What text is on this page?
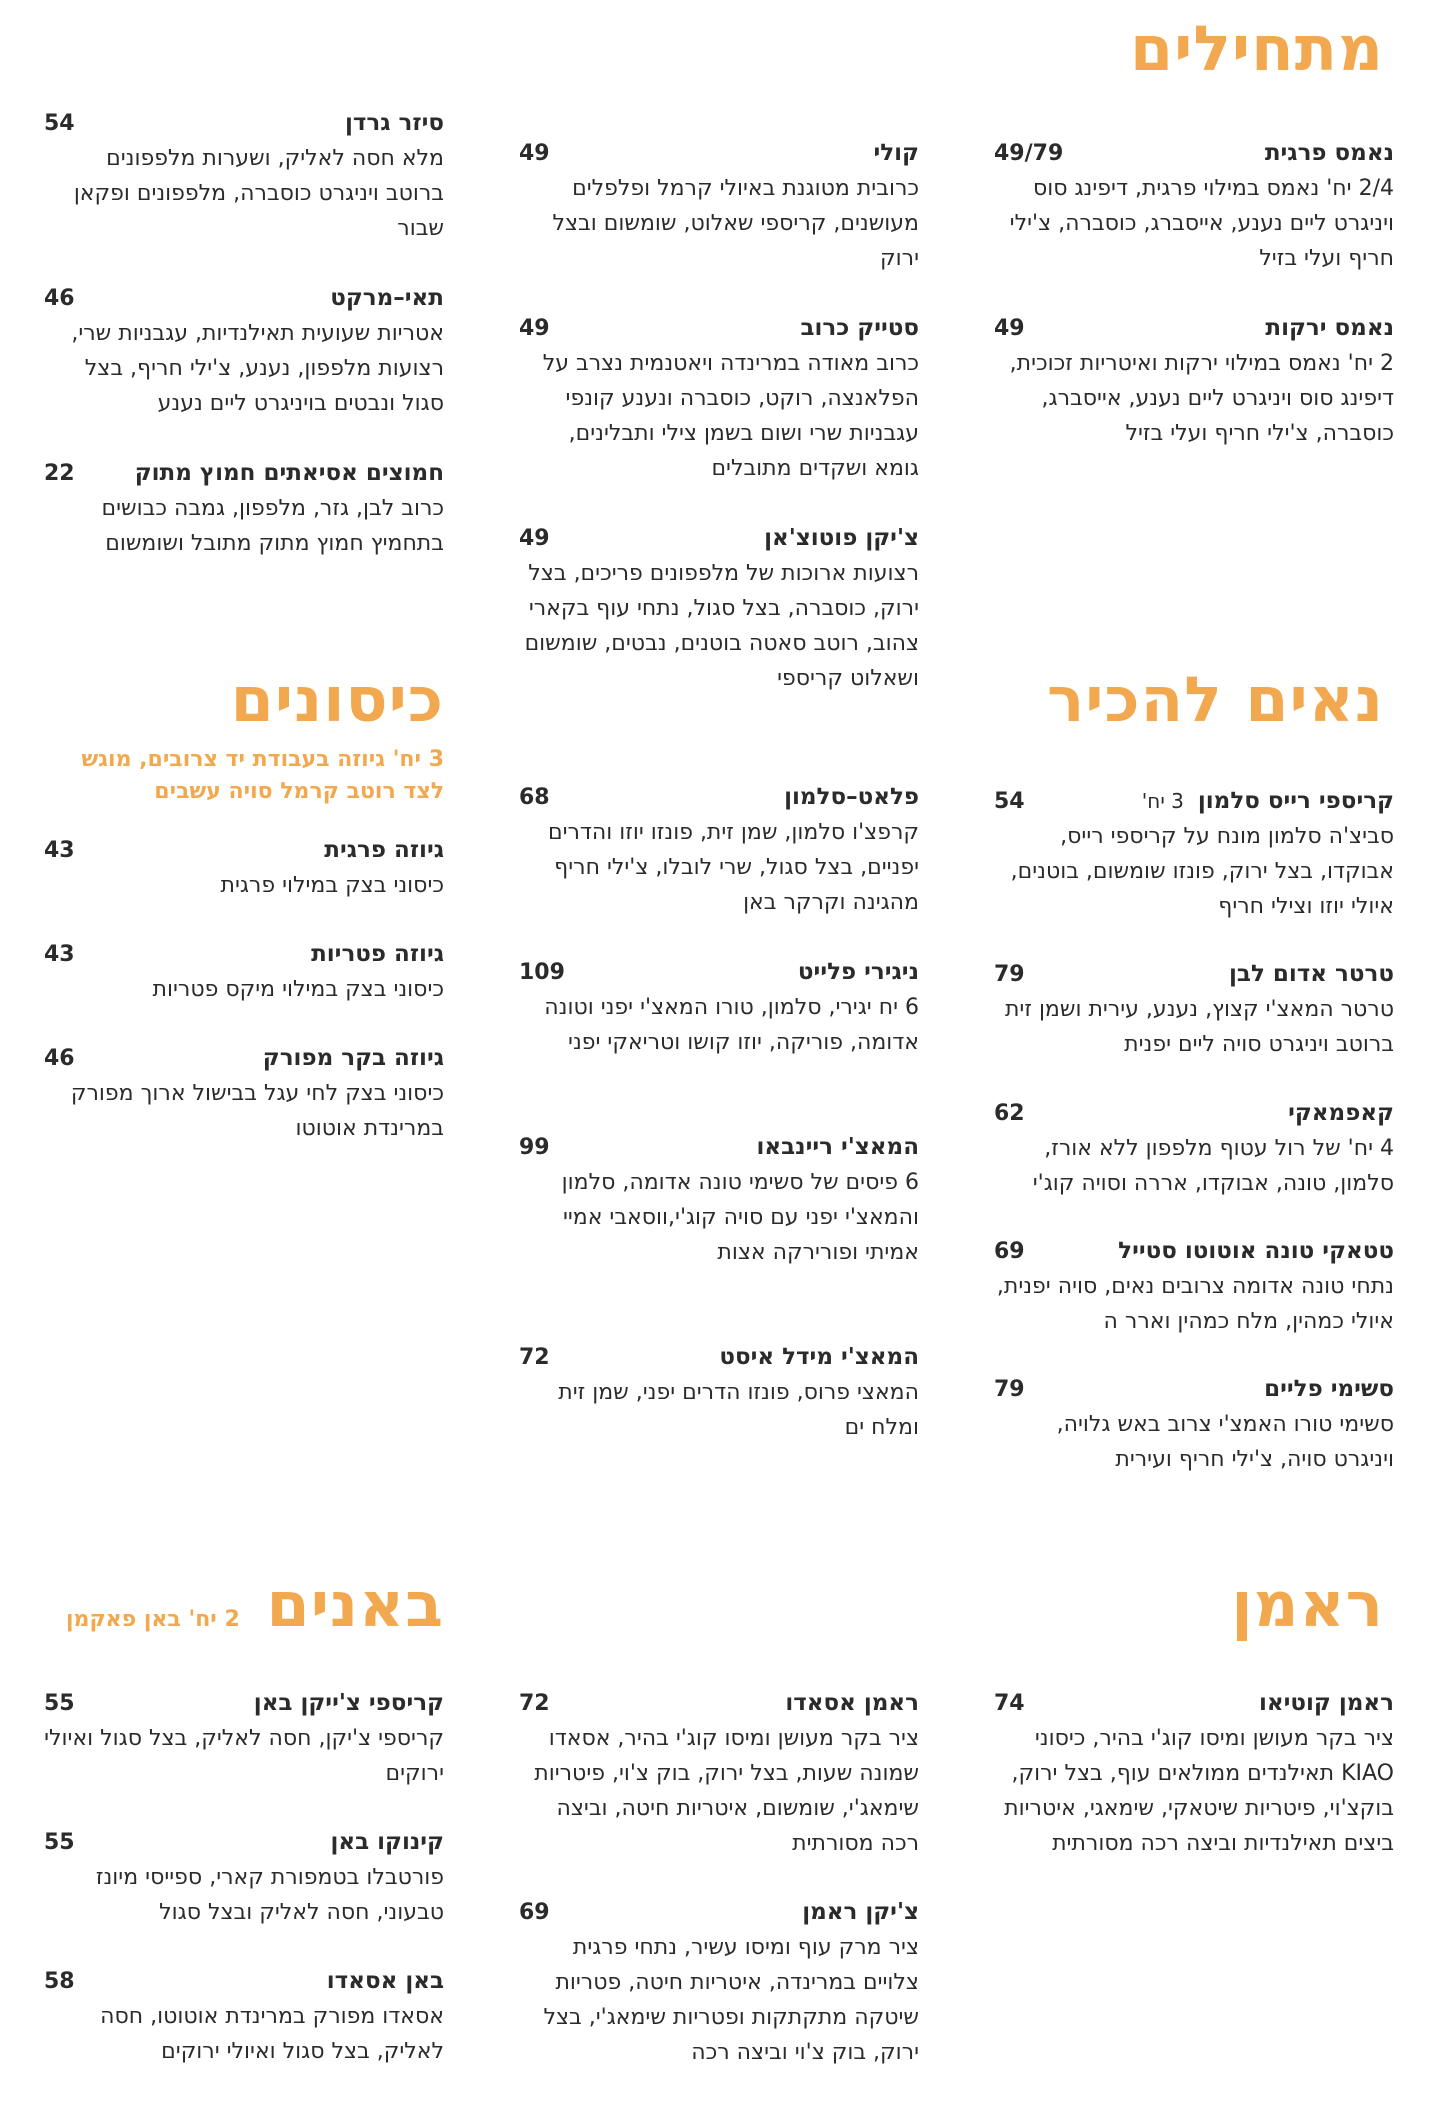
מתחילים
נאמס פרגית
49/79
2/4 יח' נאמס במילוי פרגית, דיפינג סוס ויניגרט ליים נענע, אייסברג, כוסברה, צ'ילי חריף ועלי בזיל
נאמס ירקות
49
2 יח' נאמס במילוי ירקות ואיטריות זכוכית, דיפינג סוס ויניגרט ליים נענע, אייסברג, כוסברה, צ'ילי חריף ועלי בזיל
קולי
49
כרובית מטוגנת באיולי קרמל ופלפלים מעושנים, קריספי שאלוט, שומשום ובצל ירוק
סטייק כרוב
49
כרוב מאודה במרינדה ויאטנמית נצרב על הפלאנצה, רוקט, כוסברה ונענע קונפי עגבניות שרי ושום בשמן צילי ותבלינים, גומא ושקדים מתובלים
צ'יקן פוטוצ'אן
49
רצועות ארוכות של מלפפונים פריכים, בצל ירוק, כוסברה, בצל סגול, נתחי עוף בקארי צהוב, רוטב סאטה בוטנים, נבטים, שומשום ושאלוט קריספי
סיזר גרדן
54
מלא חסה לאליק, ושערות מלפפונים ברוטב ויניגרט כוסברה, מלפפונים ופקאן שבור
תאי–מרקט
46
אטריות שעועית תאילנדיות, עגבניות שרי, רצועות מלפפון, נענע, צ'ילי חריף, בצל סגול ונבטים בויניגרט ליים נענע
חמוצים אסיאתים חמוץ מתוק
22
כרוב לבן, גזר, מלפפון, גמבה כבושים בתחמיץ חמוץ מתוק מתובל ושומשום
נאים להכיר
קריספי רייס סלמון3 יח'
54
סביצ'ה סלמון מונח על קריספי רייס, אבוקדו, בצל ירוק, פונזו שומשום, בוטנים, איולי יוזו וצילי חריף
טרטר אדום לבן
79
טרטר המאצ'י קצוץ, נענע, עירית ושמן זית ברוטב ויניגרט סויה ליים יפנית
קאפמאקי
62
4 יח' של רול עטוף מלפפון ללא אורז, סלמון, טונה, אבוקדו, אררה וסויה קוג'י
טטאקי טונה אוטוטו סטייל
69
נתחי טונה אדומה צרובים נאים, סויה יפנית, איולי כמהין, מלח כמהין וארר ה
סשימי פליים
79
סשימי טורו האמצ'י צרוב באש גלויה, ויניגרט סויה, צ'ילי חריף ועירית
פלאט–סלמון
68
קרפצ'ו סלמון, שמן זית, פונזו יוזו והדרים יפניים, בצל סגול, שרי לובלו, צ'ילי חריף מהגינה וקרקר באן
ניגירי פלייט
109
6 יח יגירי, סלמון, טורו המאצ'י יפני וטונה אדומה, פוריקה, יוזו קושו וטריאקי יפני
המאצ'י ריינבאו
99
6 פיסים של סשימי טונה אדומה, סלמון והמאצ'י יפני עם סויה קוג'י,ווסאבי אמיי אמיתי ופורירקה אצות
המאצ'י מידל איסט
72
המאצי פרוס, פונזו הדרים יפני, שמן זית ומלח ים
כיסונים
3 יח' גיוזה בעבודת יד צרובים, מוגש לצד רוטב קרמל סויה עשבים
גיוזה פרגית
43
כיסוני בצק במילוי פרגית
גיוזה פטריות
43
כיסוני בצק במילוי מיקס פטריות
גיוזה בקר מפורק
46
כיסוני בצק לחי עגל בבישול ארוך מפורק במרינדת אוטוטו
ראמן
ראמן קוטיאו
74
ציר בקר מעושן ומיסו קוג'י בהיר, כיסוני KIAO תאילנדים ממולאים עוף, בצל ירוק, בוקצ'וי, פיטריות שיטאקי, שימאגי, איטריות ביצים תאילנדיות וביצה רכה מסורתית
ראמן אסאדו
72
ציר בקר מעושן ומיסו קוג'י בהיר, אסאדו שמונה שעות, בצל ירוק, בוק צ'וי, פיטריות שימאג'י, שומשום, איטריות חיטה, וביצה רכה מסורתית
צ'יקן ראמן
69
ציר מרק עוף ומיסו עשיר, נתחי פרגית צלויים במרינדה, איטריות חיטה, פטריות שיטקה מתקתקות ופטריות שימאג'י, בצל ירוק, בוק צ'וי וביצה רכה
באנים
2 יח' באן פאקמן
קריספי צ'ייקן באן
55
קריספי צ'יקן, חסה לאליק, בצל סגול ואיולי ירוקים
קינוקו באן
55
פורטבלו בטמפורת קארי, ספייסי מיונז טבעוני, חסה לאליק ובצל סגול
באן אסאדו
58
אסאדו מפורק במרינדת אוטוטו, חסה לאליק, בצל סגול ואיולי ירוקים
